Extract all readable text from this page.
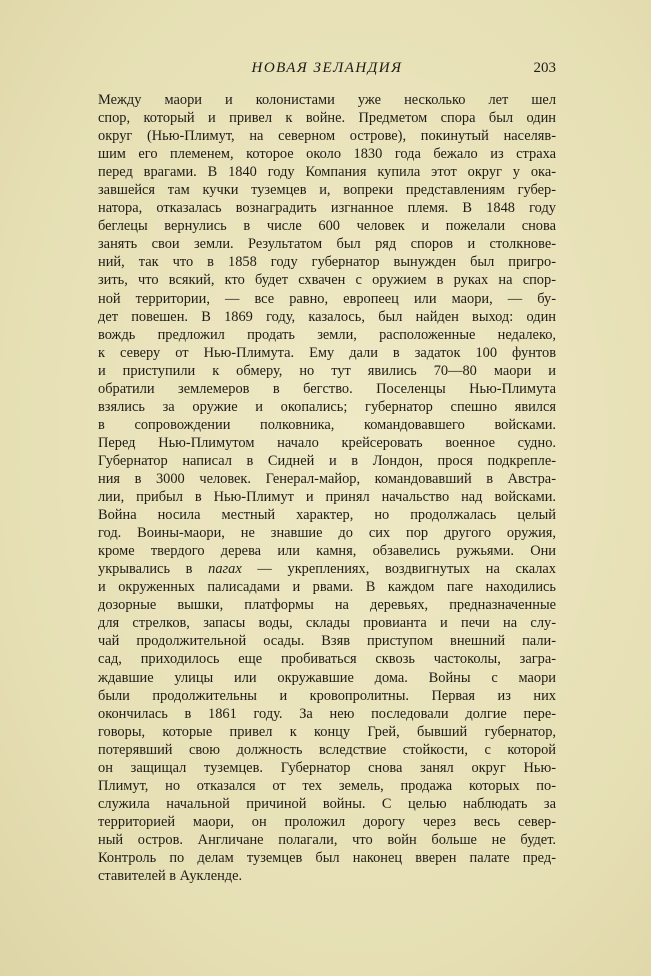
НОВАЯ ЗЕЛАНДИЯ	203

Между маори и колонистами уже несколько лет шел
спор, который и привел к войне. Предметом спора был один
округ (Нью-Плимут, на северном острове), покинутый населяв-
шим его племенем, которое около 1830 года бежало из страха
перед врагами. В 1840 году Компания купила этот округ у ока-
завшейся там кучки туземцев и, вопреки представлениям губер-
натора, отказалась вознаградить изгнанное племя. В 1848 году
беглецы вернулись в числе 600 человек и пожелали снова
занять свои земли. Результатом был ряд споров и столкнове-
ний, так что в 1858 году губернатор вынужден был пригро-
зить, что всякий, кто будет схвачен с оружием в руках на спор-
ной территории, — все равно, европеец или маори, — бу-
дет повешен. В 1869 году, казалось, был найден выход: один
вождь предложил продать земли, расположенные недалеко,
к северу от Нью-Плимута. Ему дали в задаток 100 фунтов
и приступили к обмеру, но тут явились 70—80 маори и
обратили землемеров в бегство. Поселенцы Нью-Плимута
взялись за оружие и окопались; губернатор спешно явился
в сопровождении полковника, командовавшего войсками.
Перед Нью-Плимутом начало крейсеровать военное судно.
Губернатор написал в Сидней и в Лондон, прося подкрепле-
ния в 3000 человек. Генерал-майор, командовавший в Австра-
лии, прибыл в Нью-Плимут и принял начальство над войсками.
Война носила местный характер, но продолжалась целый
год. Воины-маори, не знавшие до сих пор другого оружия,
кроме твердого дерева или камня, обзавелись ружьями. Они
укрывались в пагах — укреплениях, воздвигнутых на скалах
и окруженных палисадами и рвами. В каждом паге находились
дозорные вышки, платформы на деревьях, предназначенные
для стрелков, запасы воды, склады провианта и печи на слу-
чай продолжительной осады. Взяв приступом внешний пали-
сад, приходилось еще пробиваться сквозь частоколы, загра-
ждавшие улицы или окружавшие дома. Войны с маори
были продолжительны и кровопролитны. Первая из них
окончилась в 1861 году. За нею последовали долгие пере-
говоры, которые привел к концу Грей, бывший губернатор,
потерявший свою должность вследствие стойкости, с которой
он защищал туземцев. Губернатор снова занял округ Нью-
Плимут, но отказался от тех земель, продажа которых по-
служила начальной причиной войны. С целью наблюдать за
территорией маори, он проложил дорогу через весь север-
ный остров. Англичане полагали, что войн больше не будет.
Контроль по делам туземцев был наконец вверен палате пред-
ставителей в Аукленде.
